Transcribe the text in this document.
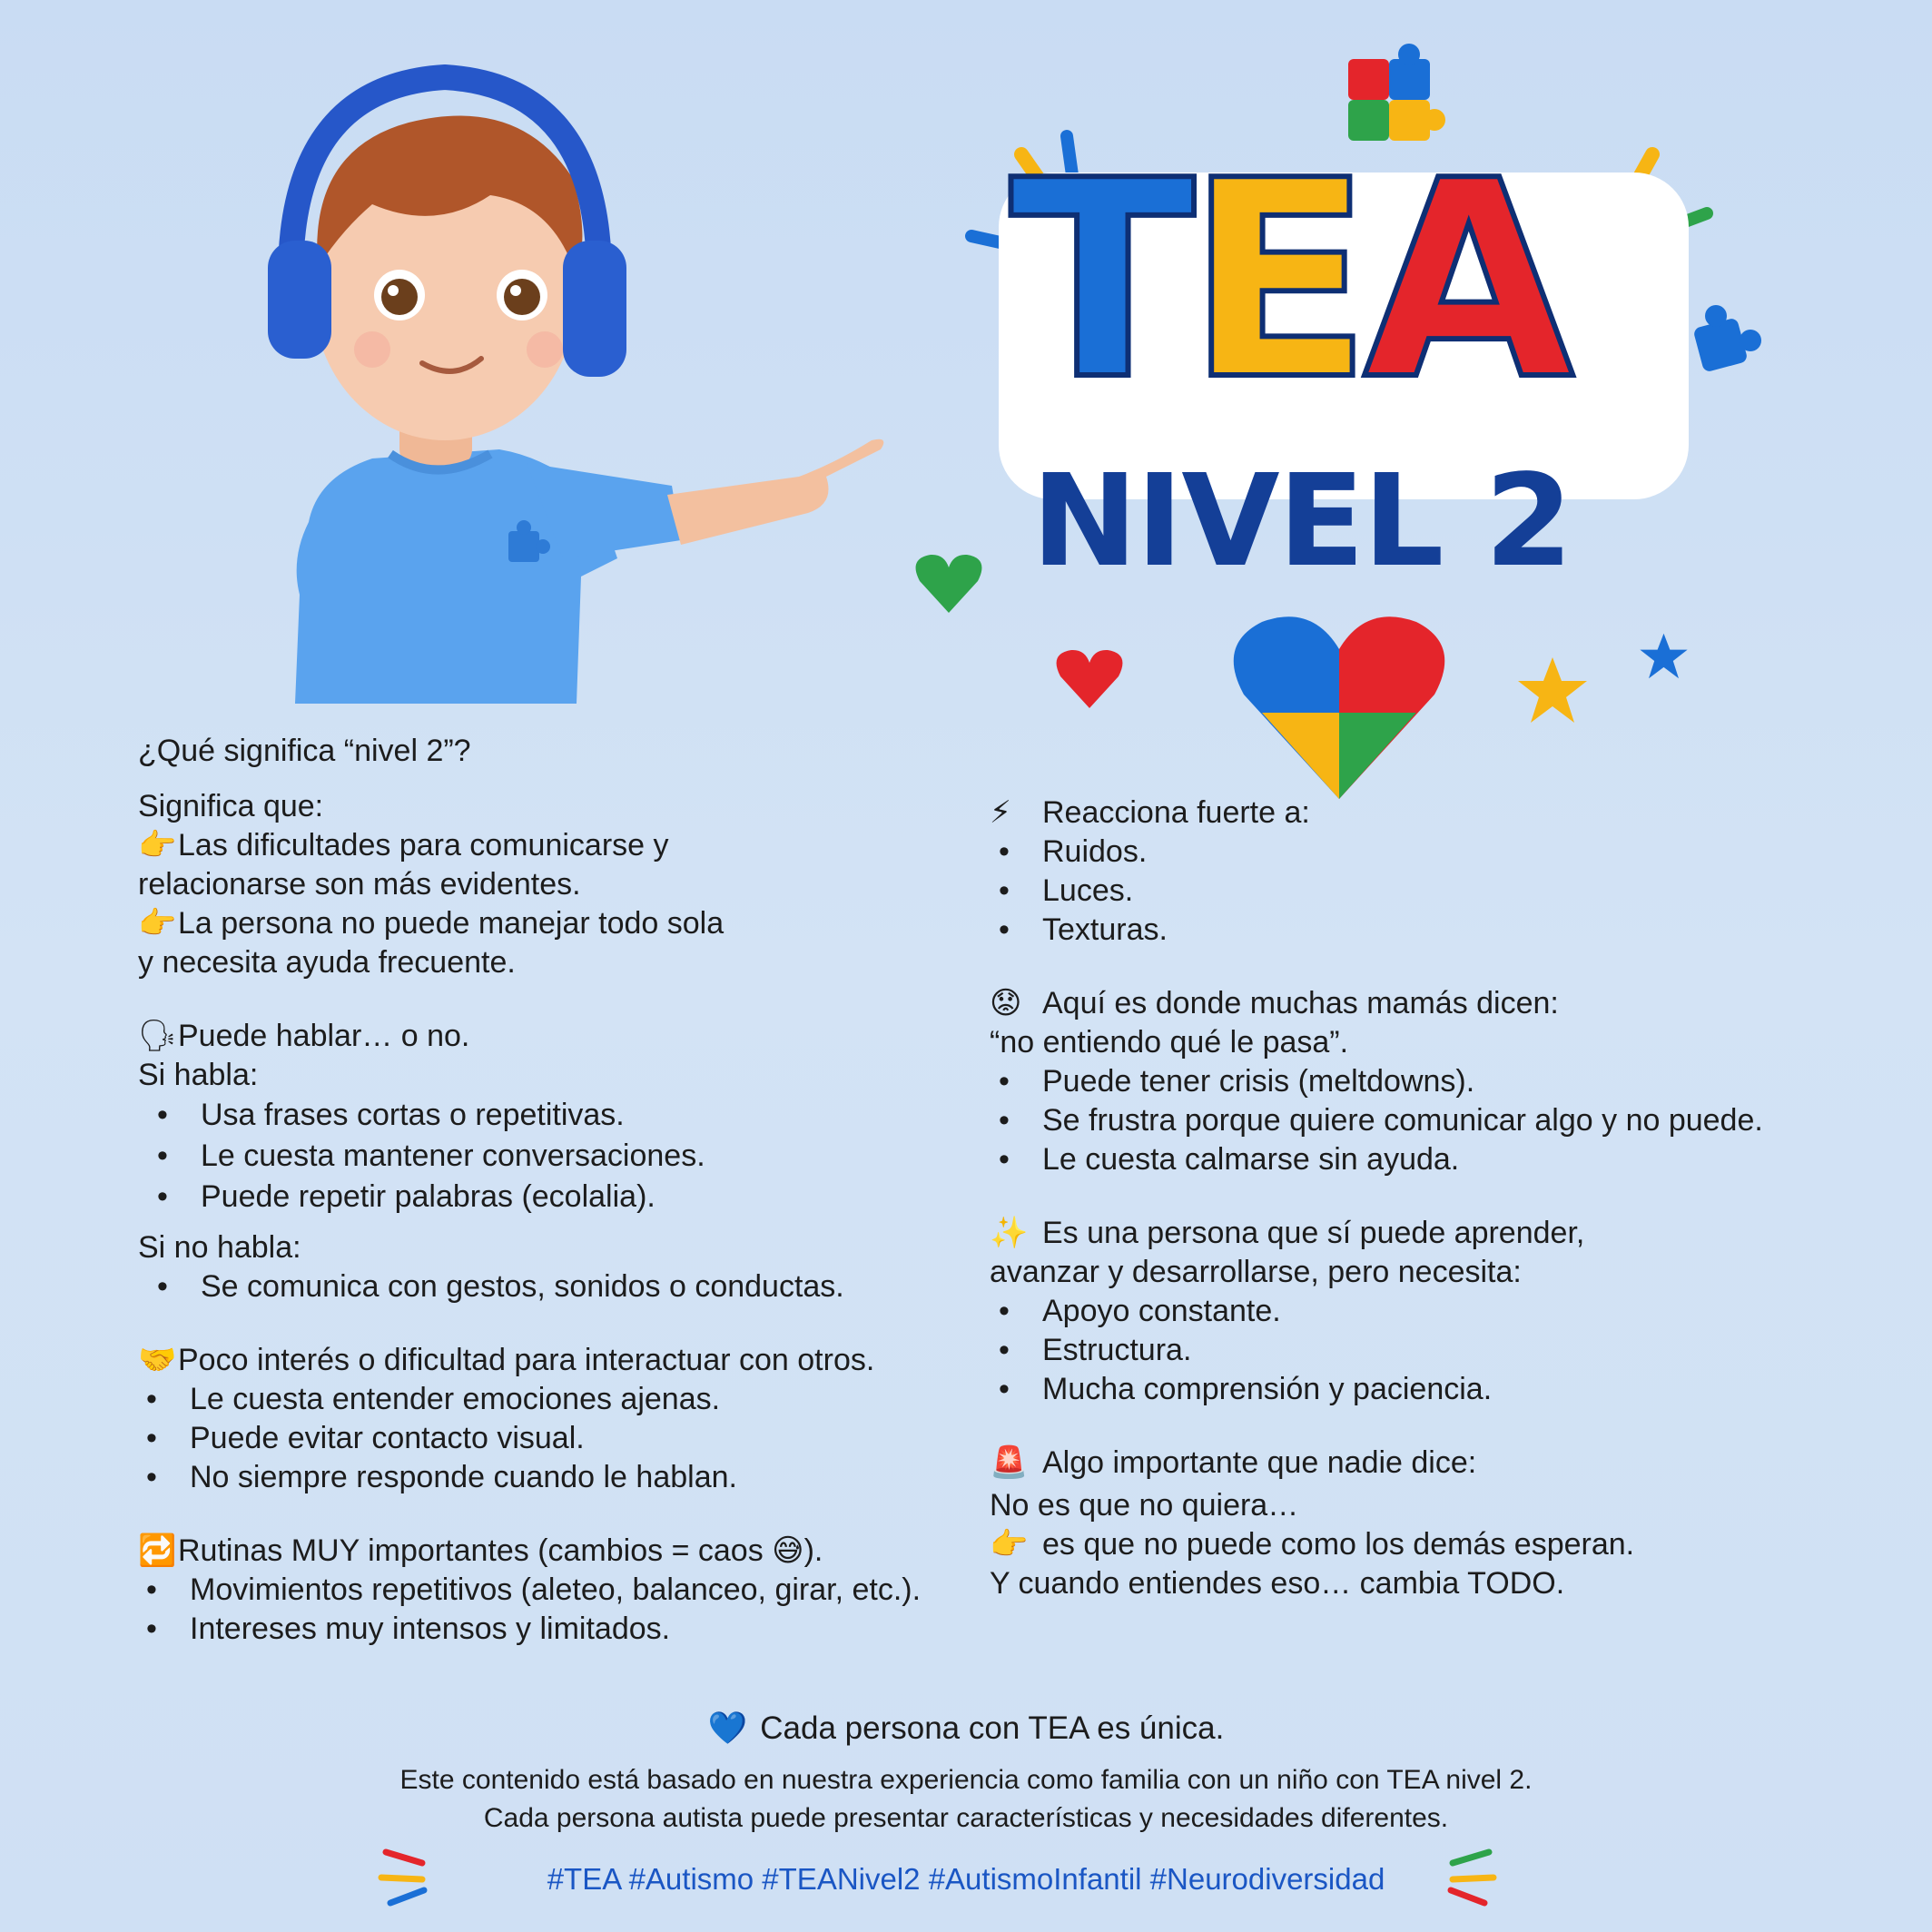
TEA
NIVEL 2
¿Qué significa “nivel 2”?
Significa que:
👉Las dificultades para comunicarse y
relacionarse son más evidentes.
👉La persona no puede manejar todo sola
y necesita ayuda frecuente.
🗣Puede hablar… o no.
Si habla:
• Usa frases cortas o repetitivas.
• Le cuesta mantener conversaciones.
• Puede repetir palabras (ecolalia).
Si no habla:
• Se comunica con gestos, sonidos o conductas.
🤝Poco interés o dificultad para interactuar con otros.
• Le cuesta entender emociones ajenas.
• Puede evitar contacto visual.
• No siempre responde cuando le hablan.
🔁Rutinas MUY importantes (cambios = caos 😅).
• Movimientos repetitivos (aleteo, balanceo, girar, etc.).
• Intereses muy intensos y limitados.
⚡ Reacciona fuerte a:
• Ruidos.
• Luces.
• Texturas.
😟 Aquí es donde muchas mamás dicen:
“no entiendo qué le pasa”.
• Puede tener crisis (meltdowns).
• Se frustra porque quiere comunicar algo y no puede.
• Le cuesta calmarse sin ayuda.
✨ Es una persona que sí puede aprender,
avanzar y desarrollarse, pero necesita:
• Apoyo constante.
• Estructura.
• Mucha comprensión y paciencia.
🚨 Algo importante que nadie dice:
No es que no quiera…
👉 es que no puede como los demás esperan.
Y cuando entiendes eso… cambia TODO.
💙 Cada persona con TEA es única.
Este contenido está basado en nuestra experiencia como familia con un niño con TEA nivel 2.
Cada persona autista puede presentar características y necesidades diferentes.
#TEA #Autismo #TEANivel2 #AutismoInfantil #Neurodiversidad
